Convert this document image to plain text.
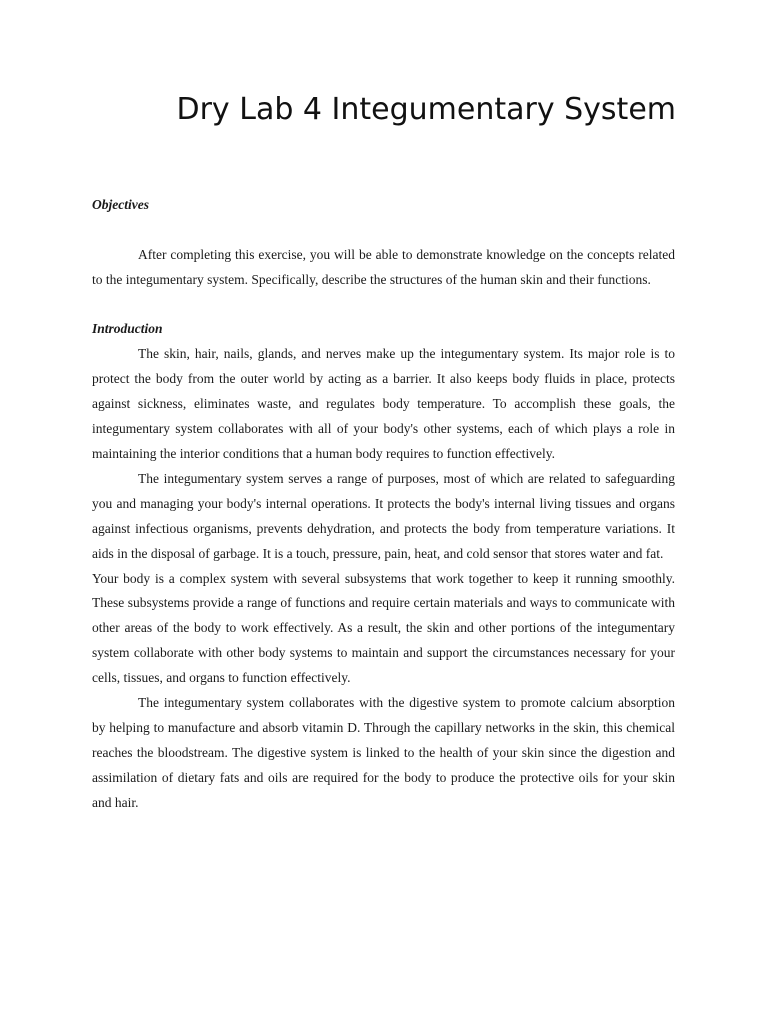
Dry Lab 4 Integumentary System

Objectives

After completing this exercise, you will be able to demonstrate knowledge on the concepts related to the integumentary system. Specifically, describe the structures of the human skin and their functions.

Introduction

The skin, hair, nails, glands, and nerves make up the integumentary system. Its major role is to protect the body from the outer world by acting as a barrier. It also keeps body fluids in place, protects against sickness, eliminates waste, and regulates body temperature. To accomplish these goals, the integumentary system collaborates with all of your body's other systems, each of which plays a role in maintaining the interior conditions that a human body requires to function effectively.

The integumentary system serves a range of purposes, most of which are related to safeguarding you and managing your body's internal operations. It protects the body's internal living tissues and organs against infectious organisms, prevents dehydration, and protects the body from temperature variations. It aids in the disposal of garbage. It is a touch, pressure, pain, heat, and cold sensor that stores water and fat.

Your body is a complex system with several subsystems that work together to keep it running smoothly. These subsystems provide a range of functions and require certain materials and ways to communicate with other areas of the body to work effectively. As a result, the skin and other portions of the integumentary system collaborate with other body systems to maintain and support the circumstances necessary for your cells, tissues, and organs to function effectively.

The integumentary system collaborates with the digestive system to promote calcium absorption by helping to manufacture and absorb vitamin D. Through the capillary networks in the skin, this chemical reaches the bloodstream. The digestive system is linked to the health of your skin since the digestion and assimilation of dietary fats and oils are required for the body to produce the protective oils for your skin and hair.
